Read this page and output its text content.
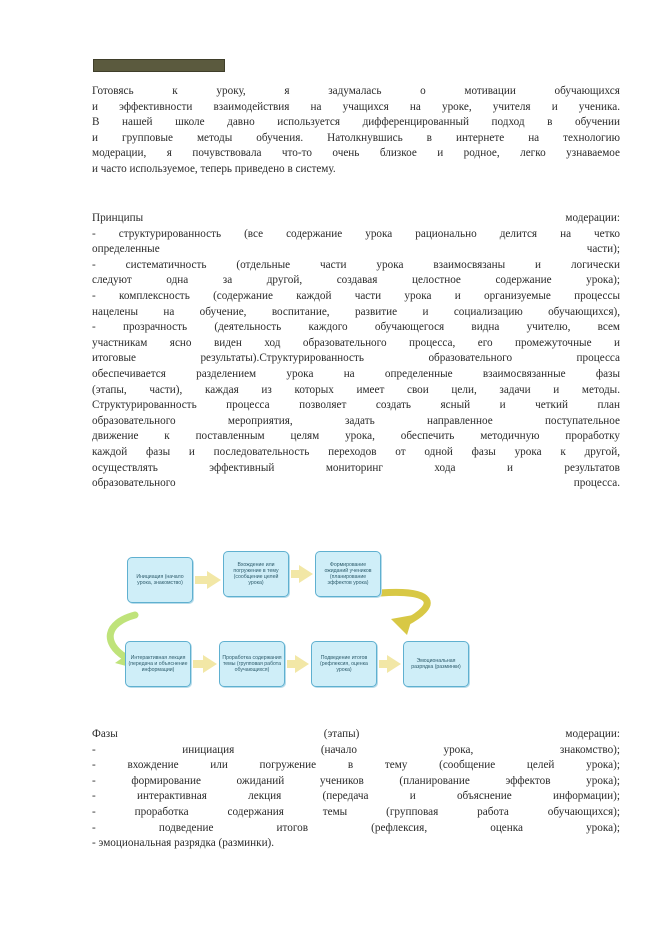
Готовясь	к	уроку,	я	задумалась	о	мотивации	обучающихся
и эффективности взаимодействия на учащихся на уроке, учителя и ученика.
В нашей школе давно используется дифференцированный подход в обучении
и групповые методы обучения. Натолкнувшись в интернете на технологию
модерации, я почувствовала что-то очень близкое и родное, легко узнаваемое
и часто используемое, теперь приведено в систему.
Принципы	модерации:
- структурированность (все содержание урока рационально делится на четко
определенные	части);
- систематичность (отдельные части урока взаимосвязаны и логически
следуют одна за другой, создавая целостное содержание урока);
- комплексность (содержание каждой части урока и организуемые процессы
нацелены на обучение, воспитание, развитие и социализацию обучающихся),
- прозрачность (деятельность каждого обучающегося видна учителю, всем
участникам ясно виден ход образовательного процесса, его промежуточные и
итоговые результаты).Структурированность образовательного процесса
обеспечивается разделением урока на определенные взаимосвязанные фазы
(этапы, части), каждая из которых имеет свои цели, задачи и методы.
Структурированность процесса позволяет создать ясный и четкий план
образовательного мероприятия, задать направленное поступательное
движение к поставленным целям урока, обеспечить методичную проработку
каждой фазы и последовательность переходов от одной фазы урока к другой,
осуществлять	эффективный	мониторинг	хода	и	результатов
образовательного	процесса.
Инициация (начало урока, знакомство)
Вхождение или погружение в тему (сообщение целей урока)
Формирование ожиданий учеников (планирование эффектов урока)
Интерактивная лекция (передача и объяснение информации)
Проработка содержания темы (групповая работа обучающихся)
Подведение итогов (рефлексия, оценка урока)
Эмоциональная разрядка (разминки)
Фазы	(этапы)	модерации:
-	инициация	(начало	урока,	знакомство);
- вхождение или погружение в тему (сообщение целей урока);
- формирование ожиданий учеников (планирование эффектов урока);
-	интерактивная	лекция	(передача	и	объяснение	информации);
- проработка содержания темы (групповая работа обучающихся);
-	подведение	итогов	(рефлексия,	оценка	урока);
- эмоциональная разрядка (разминки).
